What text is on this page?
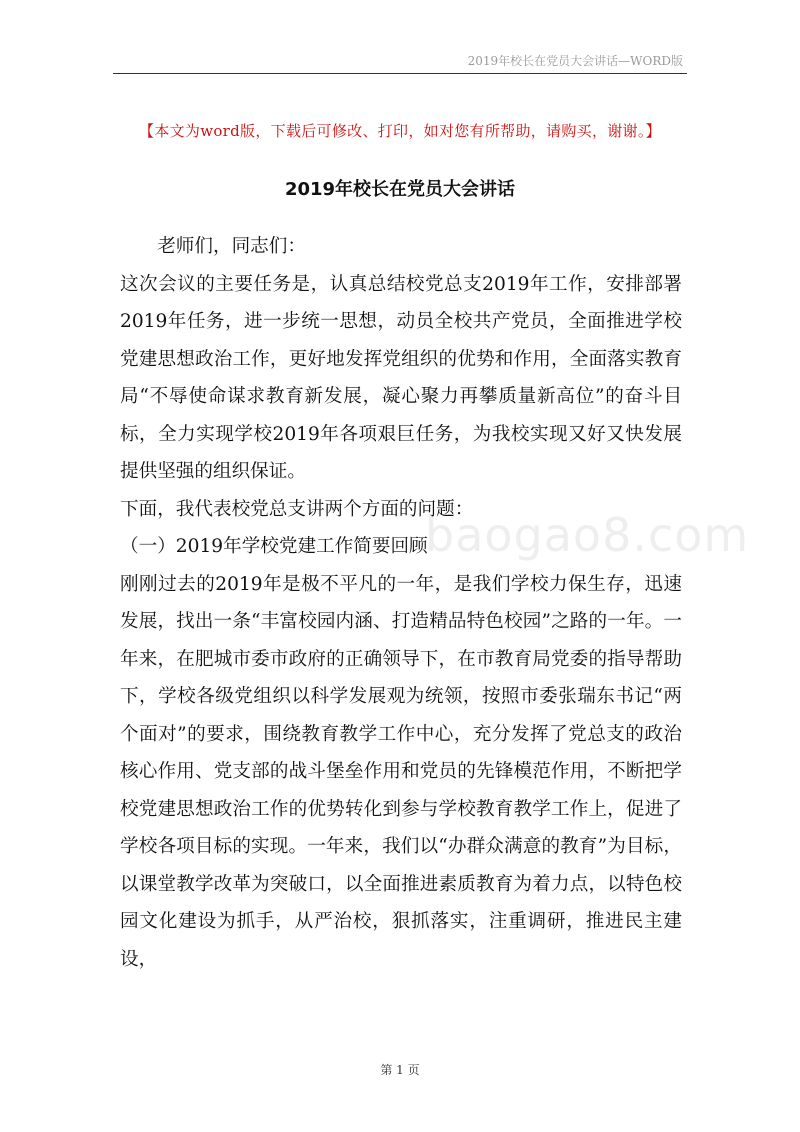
2019年校长在党员大会讲话—WORD版
【本文为word版，下载后可修改、打印，如对您有所帮助，请购买，谢谢。】
2019年校长在党员大会讲话
baogao8.com

老师们，同志们：

这次会议的主要任务是，认真总结校党总支2019年工作，安排部署2019年任务，进一步统一思想，动员全校共产党员，全面推进学校党建思想政治工作，更好地发挥党组织的优势和作用，全面落实教育局“不辱使命谋求教育新发展，凝心聚力再攀质量新高位”的奋斗目标，全力实现学校2019年各项艰巨任务，为我校实现又好又快发展提供坚强的组织保证。

下面，我代表校党总支讲两个方面的问题：

（一）2019年学校党建工作简要回顾

刚刚过去的2019年是极不平凡的一年，是我们学校力保生存，迅速发展，找出一条“丰富校园内涵、打造精品特色校园”之路的一年。一年来，在肥城市委市政府的正确领导下，在市教育局党委的指导帮助下，学校各级党组织以科学发展观为统领，按照市委张瑞东书记“两个面对”的要求，围绕教育教学工作中心，充分发挥了党总支的政治核心作用、党支部的战斗堡垒作用和党员的先锋模范作用，不断把学校党建思想政治工作的优势转化到参与学校教育教学工作上，促进了学校各项目标的实现。一年来，我们以“办群众满意的教育”为目标，以课堂教学改革为突破口，以全面推进素质教育为着力点，以特色校园文化建设为抓手，从严治校，狠抓落实，注重调研，推进民主建设，

第 1 页
